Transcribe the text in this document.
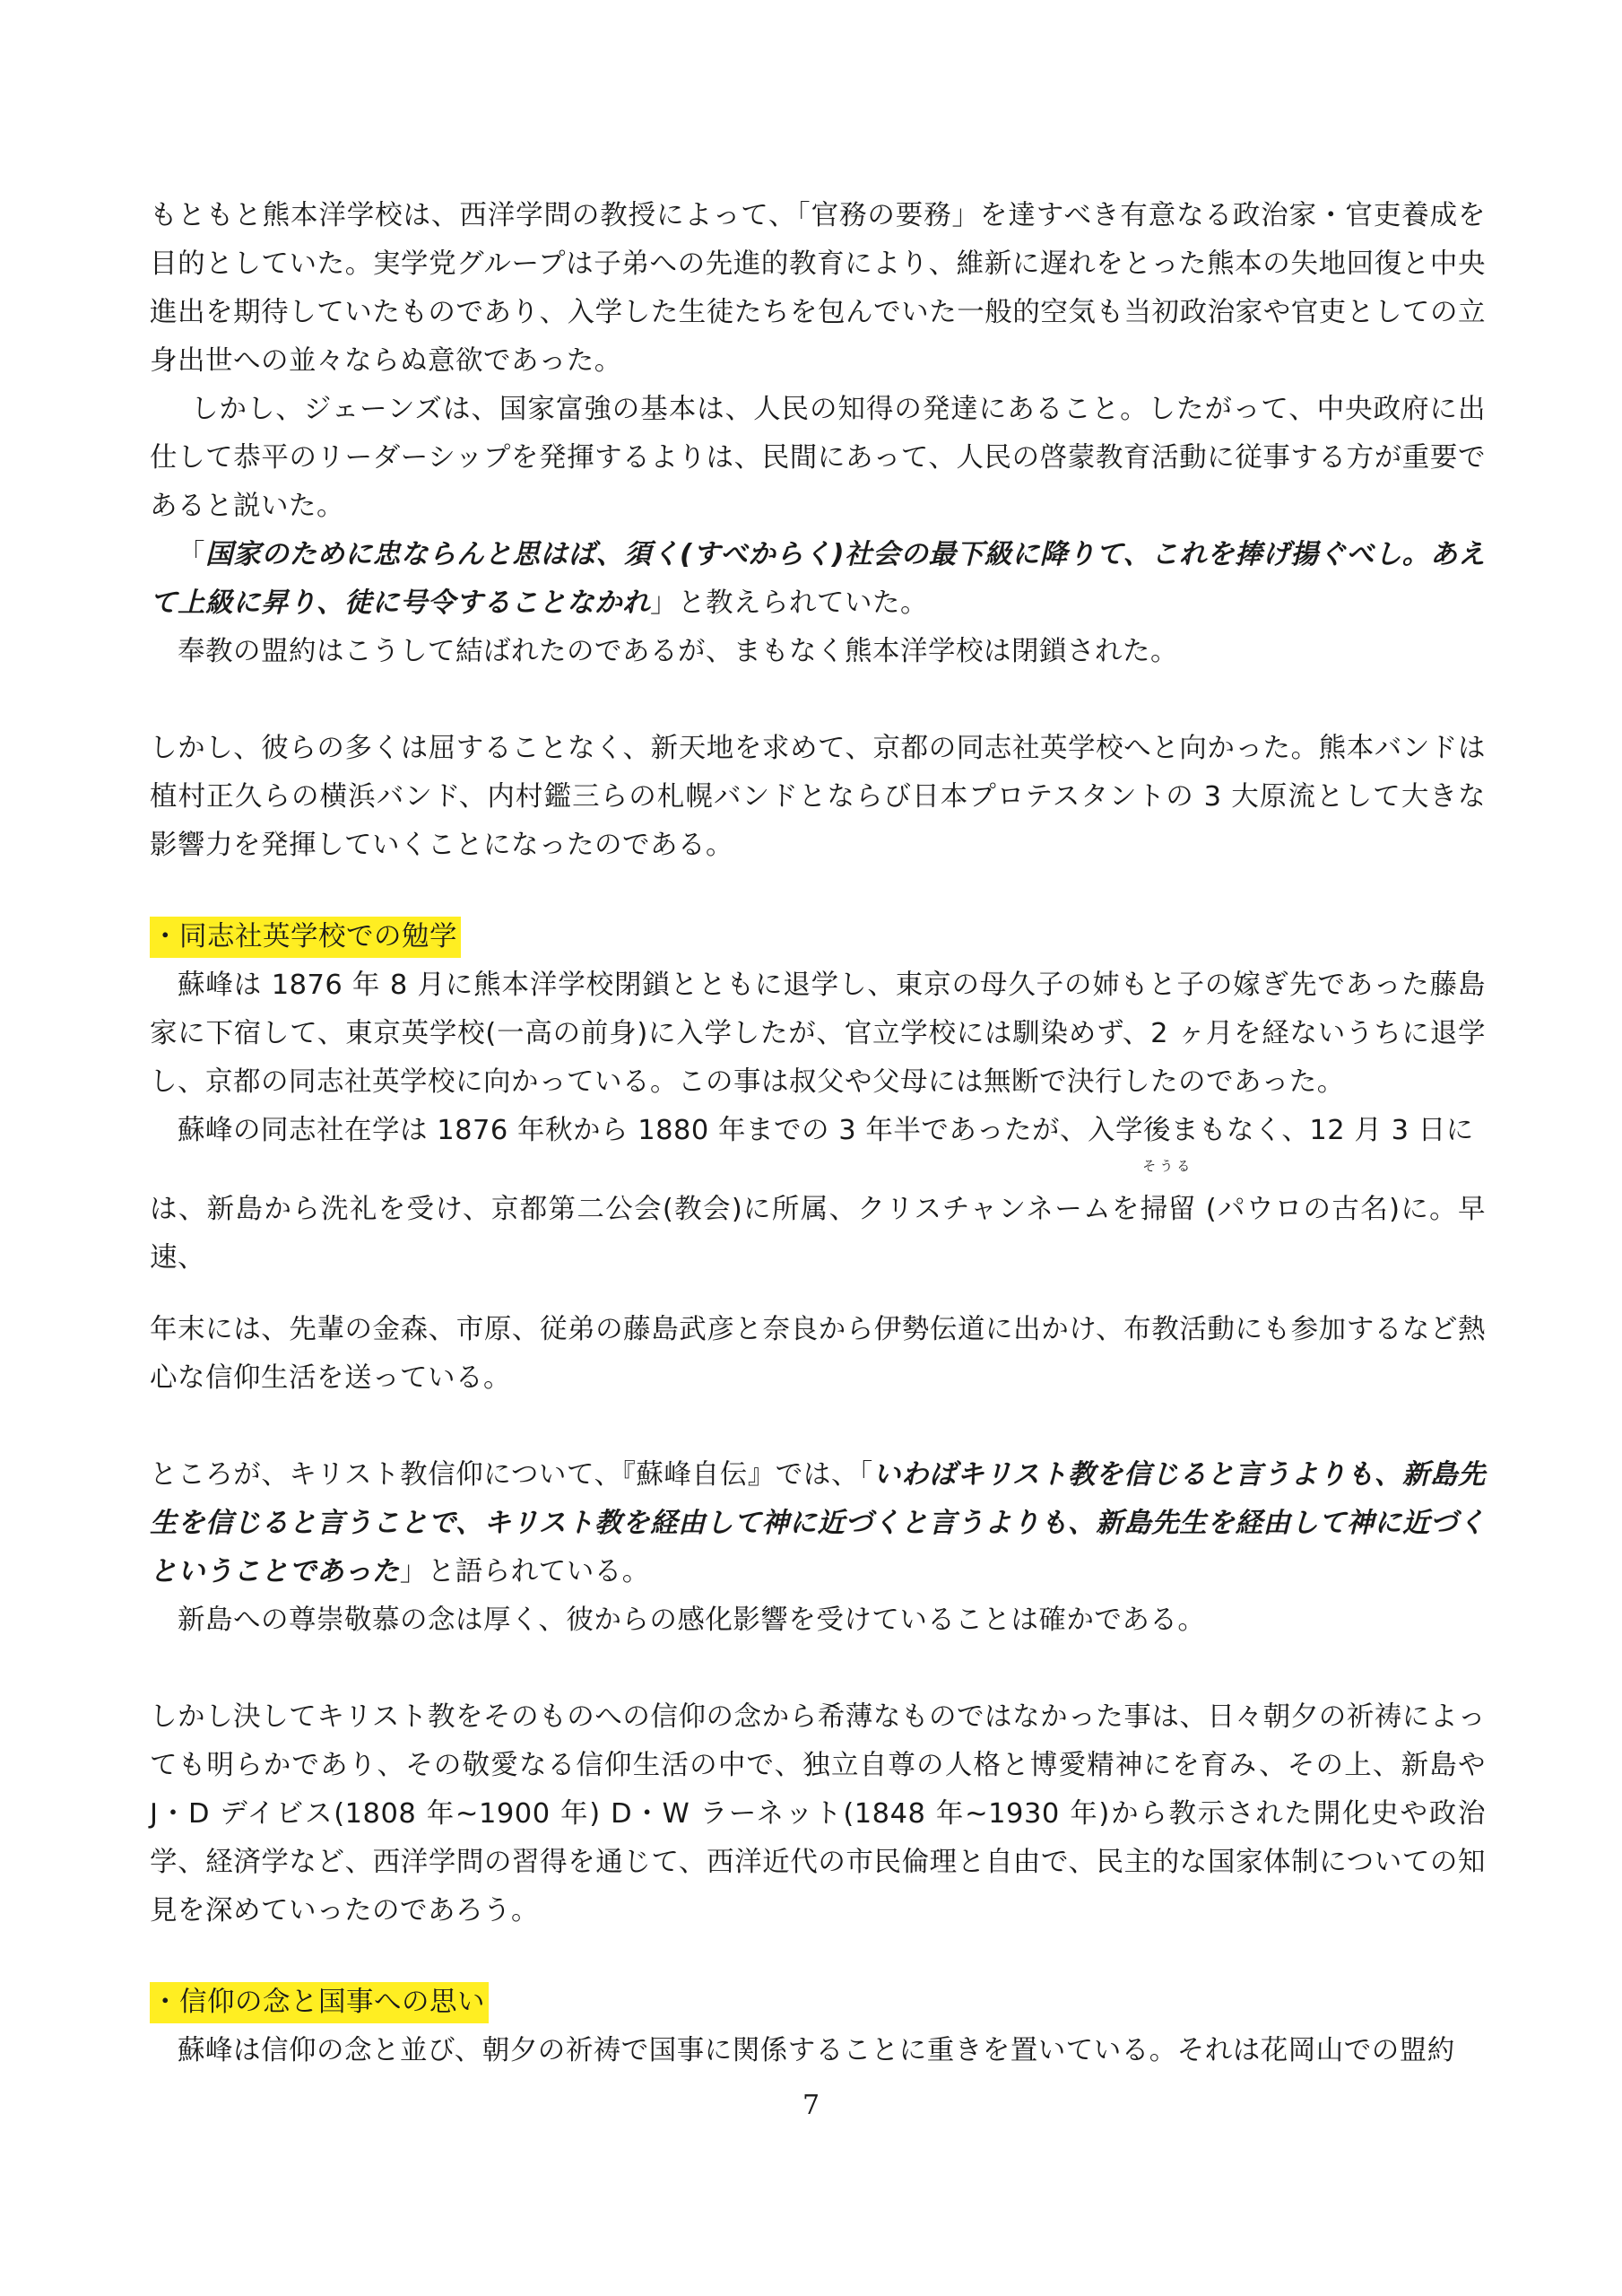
もともと熊本洋学校は、西洋学問の教授によって、「官務の要務」を達すべき有意なる政治家・官吏養成を目的としていた。実学党グループは子弟への先進的教育により、維新に遅れをとった熊本の失地回復と中央進出を期待していたものであり、入学した生徒たちを包んでいた一般的空気も当初政治家や官吏としての立身出世への並々ならぬ意欲であった。

しかし、ジェーンズは、国家富強の基本は、人民の知得の発達にあること。したがって、中央政府に出仕して恭平のリーダーシップを発揮するよりは、民間にあって、人民の啓蒙教育活動に従事する方が重要であると説いた。

「国家のために忠ならんと思はば、須く(すべからく)社会の最下級に降りて、これを捧げ揚ぐべし。あえて上級に昇り、徒に号令することなかれ」と教えられていた。

奉教の盟約はこうして結ばれたのであるが、まもなく熊本洋学校は閉鎖された。

しかし、彼らの多くは屈することなく、新天地を求めて、京都の同志社英学校へと向かった。熊本バンドは植村正久らの横浜バンド、内村鑑三らの札幌バンドとならび日本プロテスタントの 3 大原流として大きな影響力を発揮していくことになったのである。

・同志社英学校での勉学

蘇峰は 1876 年 8 月に熊本洋学校閉鎖とともに退学し、東京の母久子の姉もと子の嫁ぎ先であった藤島家に下宿して、東京英学校(一高の前身)に入学したが、官立学校には馴染めず、2 ヶ月を経ないうちに退学し、京都の同志社英学校に向かっている。この事は叔父や父母には無断で決行したのであった。

蘇峰の同志社在学は 1876 年秋から 1880 年までの 3 年半であったが、入学後まもなく、12 月 3 日に

は、新島から洗礼を受け、京都第二公会(教会)に所属、クリスチャンネームを
そうる
掃留 (パウロの古名)に。早速、

年末には、先輩の金森、市原、従弟の藤島武彦と奈良から伊勢伝道に出かけ、布教活動にも参加するなど熱心な信仰生活を送っている。

ところが、キリスト教信仰について、『蘇峰自伝』では、「いわばキリスト教を信じると言うよりも、新島先生を信じると言うことで、キリスト教を経由して神に近づくと言うよりも、新島先生を経由して神に近づくということであった」と語られている。

新島への尊崇敬慕の念は厚く、彼からの感化影響を受けていることは確かである。

しかし決してキリスト教をそのものへの信仰の念から希薄なものではなかった事は、日々朝夕の祈祷によっても明らかであり、その敬愛なる信仰生活の中で、独立自尊の人格と博愛精神にを育み、その上、新島や J・D デイビス(1808 年~1900 年) D・W ラーネット(1848 年~1930 年)から教示された開化史や政治学、経済学など、西洋学問の習得を通じて、西洋近代の市民倫理と自由で、民主的な国家体制についての知見を深めていったのであろう。

・信仰の念と国事への思い

蘇峰は信仰の念と並び、朝夕の祈祷で国事に関係することに重きを置いている。それは花岡山での盟約

7
